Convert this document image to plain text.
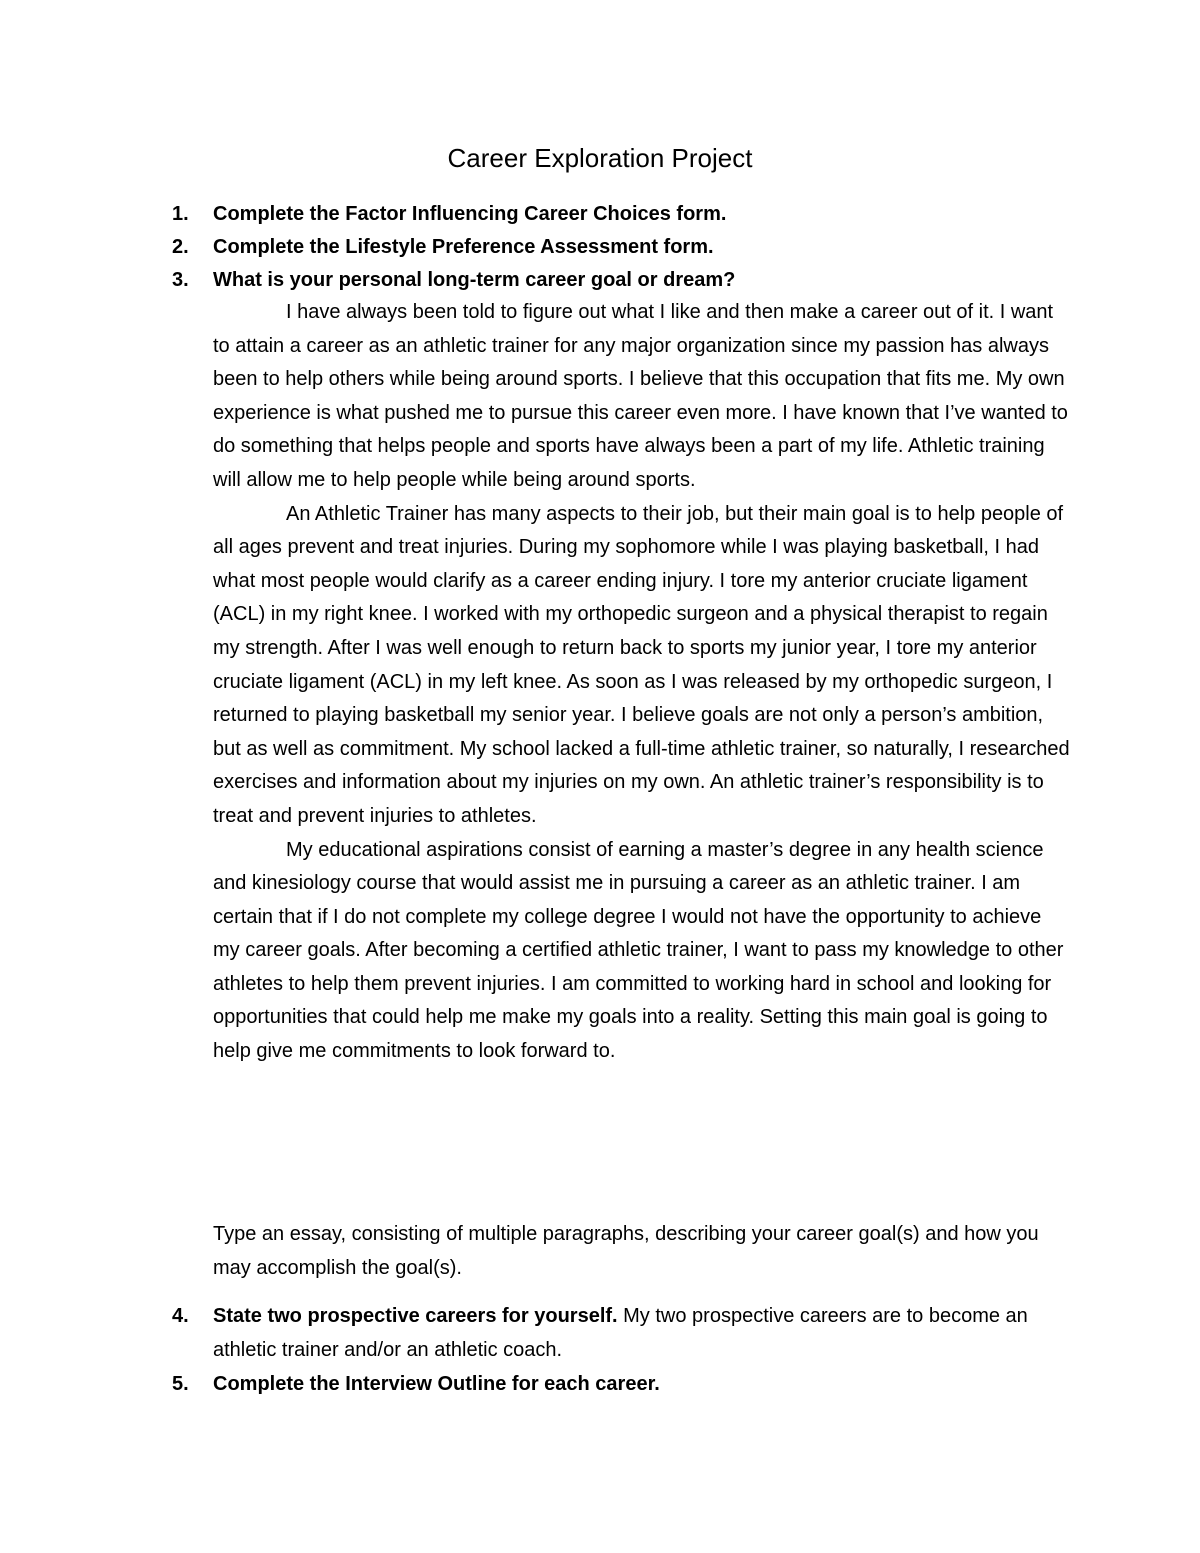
Career Exploration Project
1.	Complete the Factor Influencing Career Choices form.
2.	Complete the Lifestyle Preference Assessment form.
3.	What is your personal long-term career goal or dream?

I have always been told to figure out what I like and then make a career out of it. I want to attain a career as an athletic trainer for any major organization since my passion has always been to help others while being around sports. I believe that this occupation that fits me. My own experience is what pushed me to pursue this career even more. I have known that I’ve wanted to do something that helps people and sports have always been a part of my life. Athletic training will allow me to help people while being around sports.

An Athletic Trainer has many aspects to their job, but their main goal is to help people of all ages prevent and treat injuries. During my sophomore while I was playing basketball, I had what most people would clarify as a career ending injury. I tore my anterior cruciate ligament (ACL) in my right knee. I worked with my orthopedic surgeon and a physical therapist to regain my strength. After I was well enough to return back to sports my junior year, I tore my anterior cruciate ligament (ACL) in my left knee. As soon as I was released by my orthopedic surgeon, I returned to playing basketball my senior year. I believe goals are not only a person’s ambition, but as well as commitment. My school lacked a full-time athletic trainer, so naturally, I researched exercises and information about my injuries on my own. An athletic trainer’s responsibility is to treat and prevent injuries to athletes.

My educational aspirations consist of earning a master’s degree in any health science and kinesiology course that would assist me in pursuing a career as an athletic trainer. I am certain that if I do not complete my college degree I would not have the opportunity to achieve my career goals. After becoming a certified athletic trainer, I want to pass my knowledge to other athletes to help them prevent injuries. I am committed to working hard in school and looking for opportunities that could help me make my goals into a reality. Setting this main goal is going to help give me commitments to look forward to.

Type an essay, consisting of multiple paragraphs, describing your career goal(s) and how you may accomplish the goal(s).

4.	State two prospective careers for yourself. My two prospective careers are to become an athletic trainer and/or an athletic coach.
5.	Complete the Interview Outline for each career.
